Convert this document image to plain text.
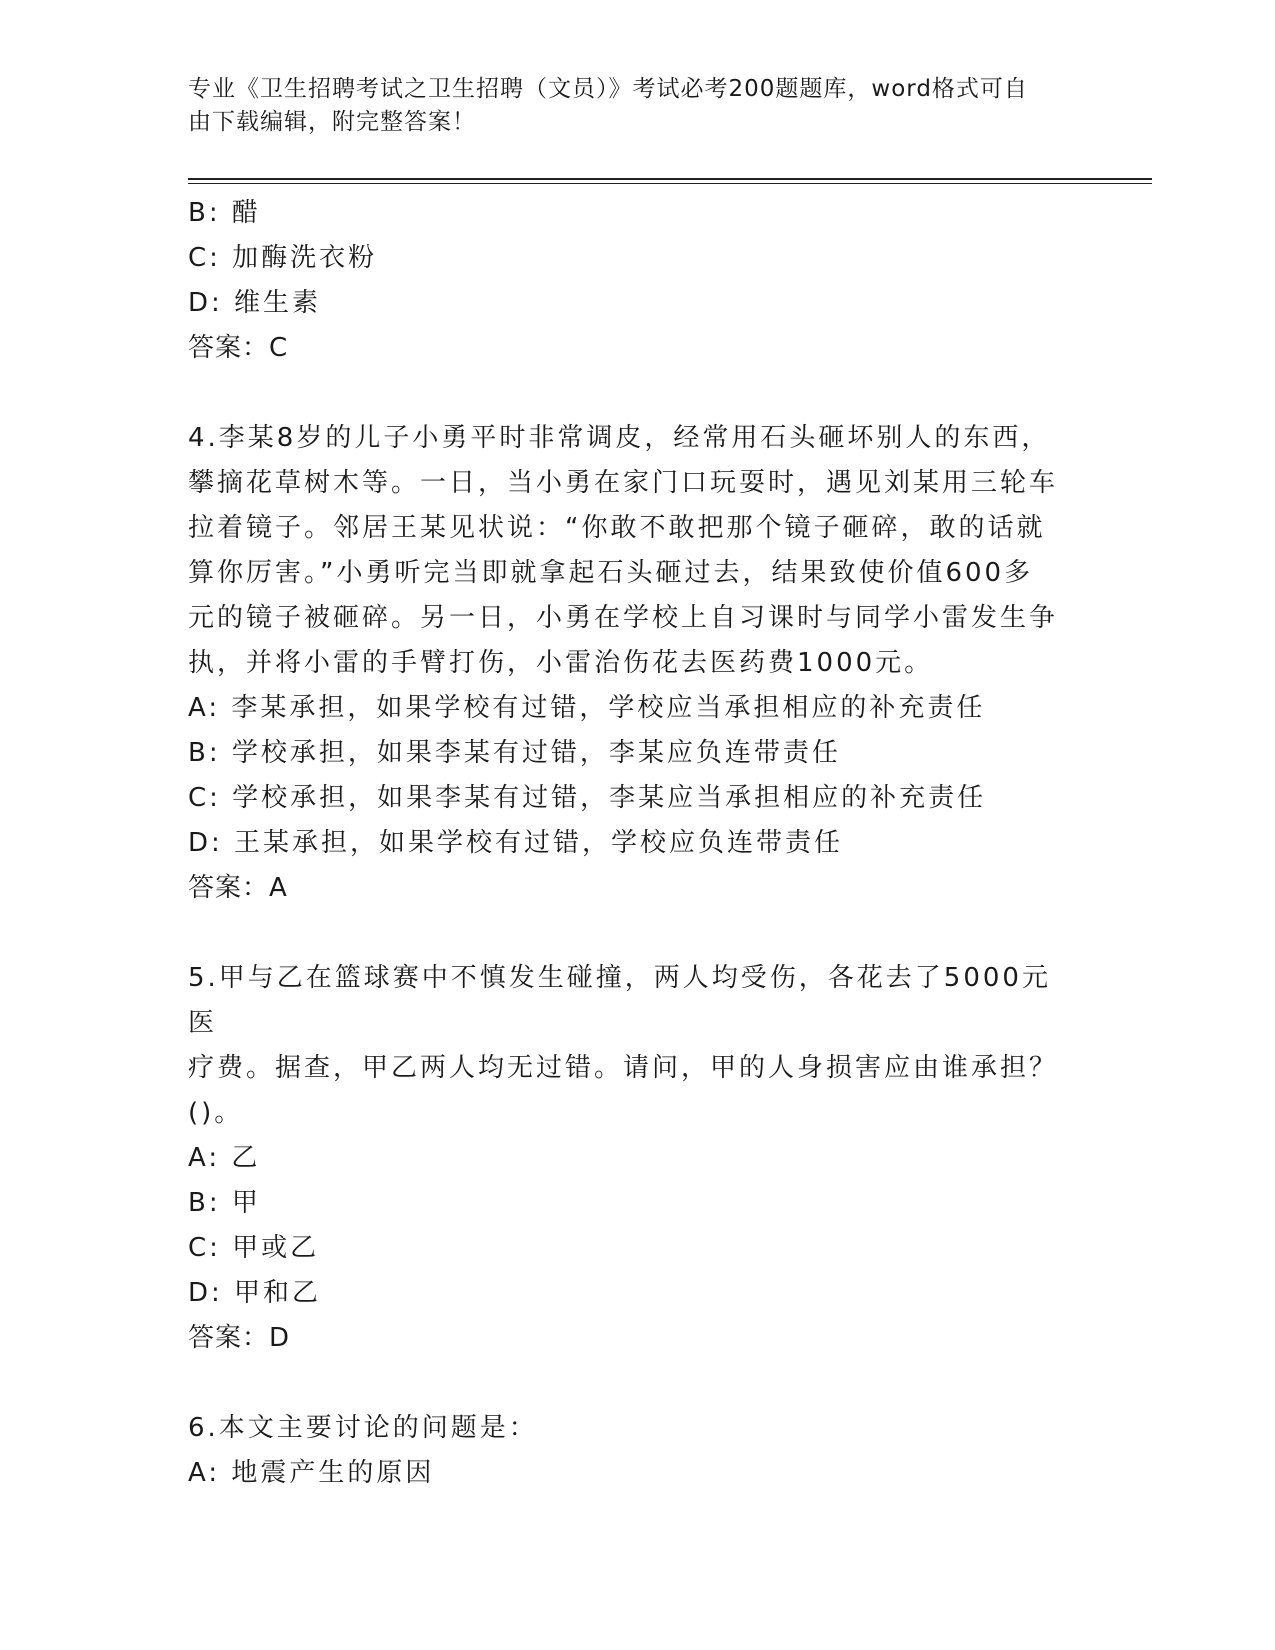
专业《卫生招聘考试之卫生招聘（文员）》考试必考200题题库，word格式可自
由下载编辑，附完整答案！
B: 醋
C: 加酶洗衣粉
D: 维生素
答案：C
4.李某8岁的儿子小勇平时非常调皮，经常用石头砸坏别人的东西，
攀摘花草树木等。一日，当小勇在家门口玩耍时，遇见刘某用三轮车
拉着镜子。邻居王某见状说：“你敢不敢把那个镜子砸碎，敢的话就
算你厉害。”小勇听完当即就拿起石头砸过去，结果致使价值600多
元的镜子被砸碎。另一日，小勇在学校上自习课时与同学小雷发生争
执，并将小雷的手臂打伤，小雷治伤花去医药费1000元。
A: 李某承担，如果学校有过错，学校应当承担相应的补充责任
B: 学校承担，如果李某有过错，李某应负连带责任
C: 学校承担，如果李某有过错，李某应当承担相应的补充责任
D: 王某承担，如果学校有过错，学校应负连带责任
答案：A
5.甲与乙在篮球赛中不慎发生碰撞，两人均受伤，各花去了5000元医
疗费。据查，甲乙两人均无过错。请问，甲的人身损害应由谁承担？
()。
A: 乙
B: 甲
C: 甲或乙
D: 甲和乙
答案：D
6.本文主要讨论的问题是：
A: 地震产生的原因
